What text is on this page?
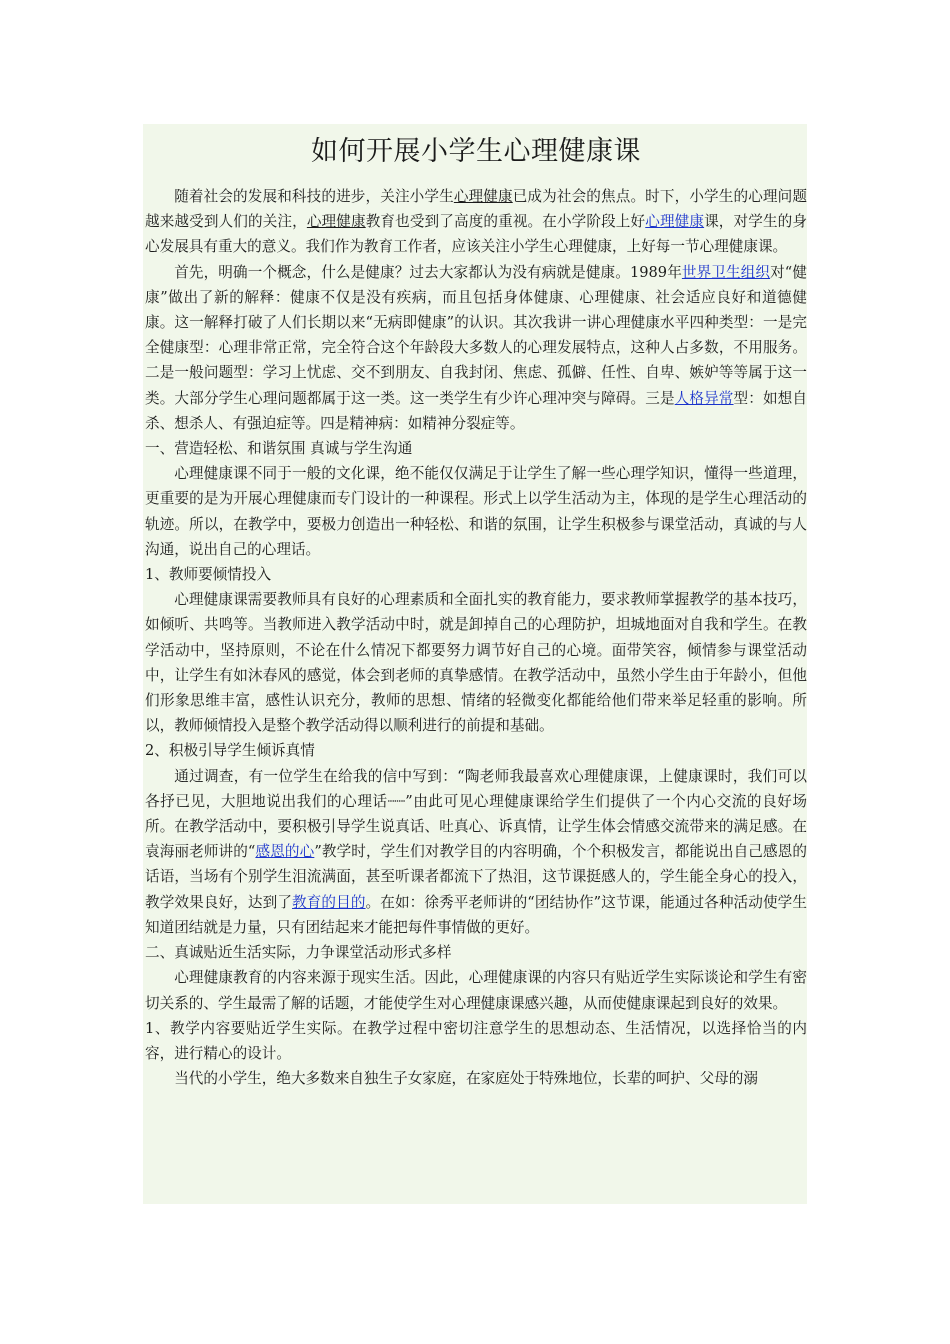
如何开展小学生心理健康课

随着社会的发展和科技的进步，关注小学生心理健康已成为社会的焦点。时下，小学生的心理问题越来越受到人们的关注，心理健康教育也受到了高度的重视。在小学阶段上好心理健康课，对学生的身心发展具有重大的意义。我们作为教育工作者，应该关注小学生心理健康，上好每一节心理健康课。

首先，明确一个概念，什么是健康？过去大家都认为没有病就是健康。1989年世界卫生组织对“健康”做出了新的解释：健康不仅是没有疾病，而且包括身体健康、心理健康、社会适应良好和道德健康。这一解释打破了人们长期以来“无病即健康”的认识。其次我讲一讲心理健康水平四种类型：一是完全健康型：心理非常正常，完全符合这个年龄段大多数人的心理发展特点，这种人占多数，不用服务。二是一般问题型：学习上忧虑、交不到朋友、自我封闭、焦虑、孤僻、任性、自卑、嫉妒等等属于这一类。大部分学生心理问题都属于这一类。这一类学生有少许心理冲突与障碍。三是人格异常型：如想自杀、想杀人、有强迫症等。四是精神病：如精神分裂症等。

一、营造轻松、和谐氛围 真诚与学生沟通

心理健康课不同于一般的文化课，绝不能仅仅满足于让学生了解一些心理学知识，懂得一些道理，更重要的是为开展心理健康而专门设计的一种课程。形式上以学生活动为主，体现的是学生心理活动的轨迹。所以，在教学中，要极力创造出一种轻松、和谐的氛围，让学生积极参与课堂活动，真诚的与人沟通，说出自己的心理话。

1、教师要倾情投入

心理健康课需要教师具有良好的心理素质和全面扎实的教育能力，要求教师掌握教学的基本技巧，如倾听、共鸣等。当教师进入教学活动中时，就是卸掉自己的心理防护，坦城地面对自我和学生。在教学活动中，坚持原则，不论在什么情况下都要努力调节好自己的心境。面带笑容，倾情参与课堂活动中，让学生有如沐春风的感觉，体会到老师的真挚感情。在教学活动中，虽然小学生由于年龄小，但他们形象思维丰富，感性认识充分，教师的思想、情绪的轻微变化都能给他们带来举足轻重的影响。所以，教师倾情投入是整个教学活动得以顺利进行的前提和基础。

2、积极引导学生倾诉真情

通过调查，有一位学生在给我的信中写到：“陶老师我最喜欢心理健康课，上健康课时，我们可以各抒已见，大胆地说出我们的心理话┈┈”由此可见心理健康课给学生们提供了一个内心交流的良好场所。在教学活动中，要积极引导学生说真话、吐真心、诉真情，让学生体会情感交流带来的满足感。在袁海丽老师讲的“感恩的心”教学时，学生们对教学目的内容明确，个个积极发言，都能说出自己感恩的话语，当场有个别学生泪流满面，甚至听课者都流下了热泪，这节课挺感人的，学生能全身心的投入，教学效果良好，达到了教育的目的。在如：徐秀平老师讲的“团结协作”这节课，能通过各种活动使学生知道团结就是力量，只有团结起来才能把每件事情做的更好。

二、真诚贴近生活实际，力争课堂活动形式多样

心理健康教育的内容来源于现实生活。因此，心理健康课的内容只有贴近学生实际谈论和学生有密切关系的、学生最需了解的话题，才能使学生对心理健康课感兴趣，从而使健康课起到良好的效果。

1、教学内容要贴近学生实际。在教学过程中密切注意学生的思想动态、生活情况，以选择恰当的内容，进行精心的设计。

当代的小学生，绝大多数来自独生子女家庭，在家庭处于特殊地位，长辈的呵护、父母的溺
